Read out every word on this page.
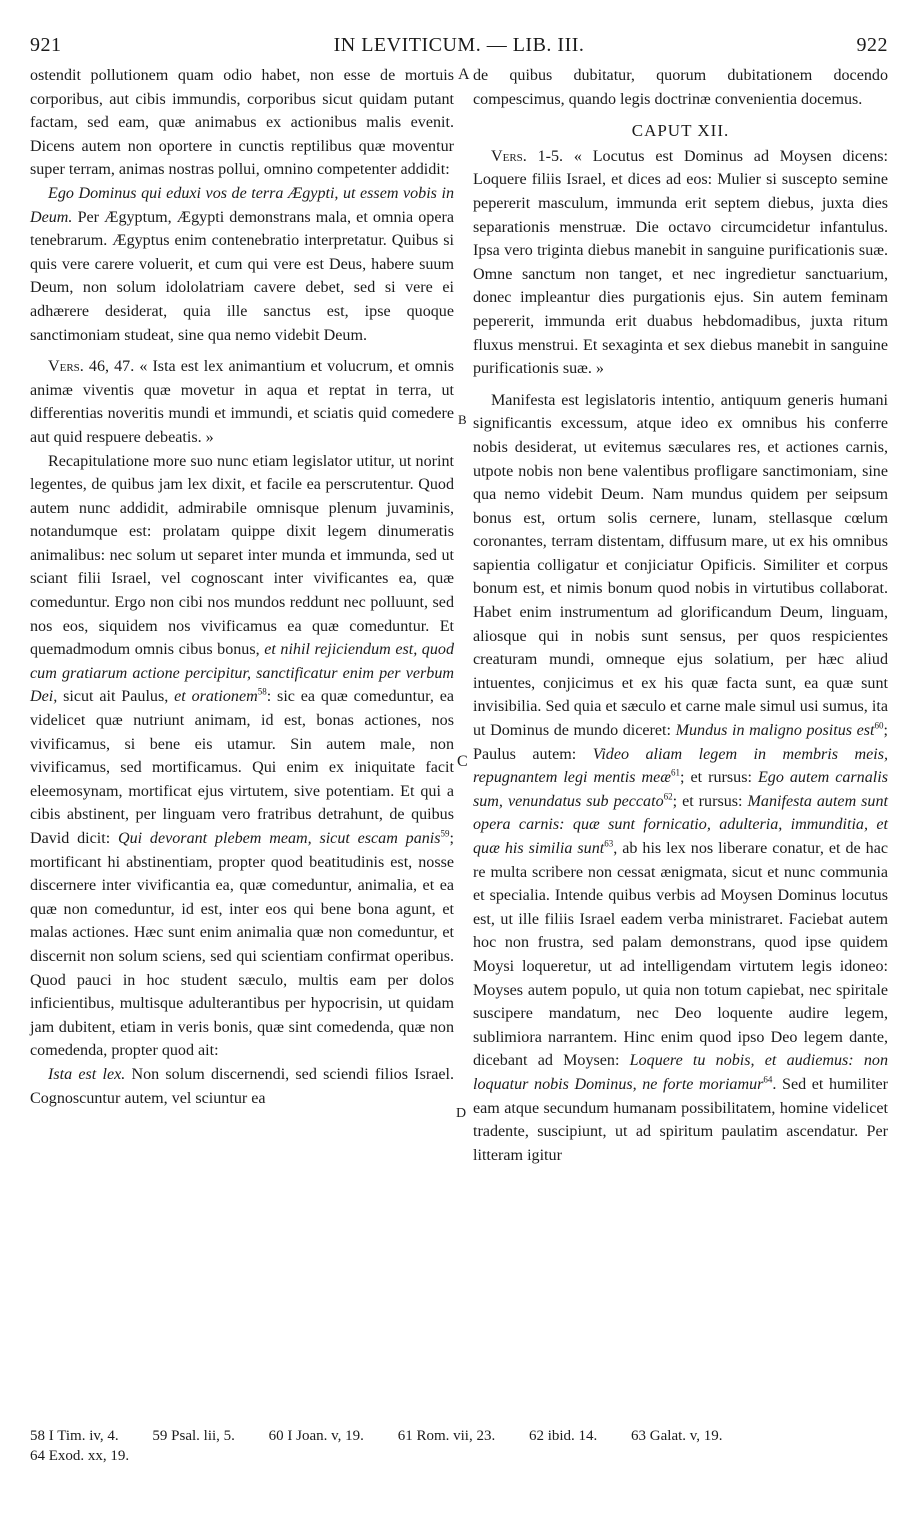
921	IN LEVITICUM. — LIB. III.	922
A
B
C
D

ostendit pollutionem quam odio habet, non esse de mortuis corporibus, aut cibis immundis, corporibus sicut quidam putant factam, sed eam, quæ animabus ex actionibus malis evenit. Dicens autem non oportere in cunctis reptilibus quæ moventur super terram, animas nostras pollui, omnino competenter addidit:

Ego Dominus qui eduxi vos de terra Ægypti, ut essem vobis in Deum. Per Ægyptum, Ægypti demonstrans mala, et omnia opera tenebrarum. Ægyptus enim contenebratio interpretatur. Quibus si quis vere carere voluerit, et cum qui vere est Deus, habere suum Deum, non solum idololatriam cavere debet, sed si vere ei adhærere desiderat, quia ille sanctus est, ipse quoque sanctimoniam studeat, sine qua nemo videbit Deum.

Vers. 46, 47. « Ista est lex animantium et volucrum, et omnis animæ viventis quæ movetur in aqua et reptat in terra, ut differentias noveritis mundi et immundi, et sciatis quid comedere aut quid respuere debeatis. »

Recapitulatione more suo nunc etiam legislator utitur, ut norint legentes, de quibus jam lex dixit, et facile ea perscrutentur. Quod autem nunc addidit, admirabile omnisque plenum juvaminis, notandumque est: prolatam quippe dixit legem dinumeratis animalibus: nec solum ut separet inter munda et immunda, sed ut sciant filii Israel, vel cognoscant inter vivificantes ea, quæ comeduntur. Ergo non cibi nos mundos reddunt nec polluunt, sed nos eos, siquidem nos vivificamus ea quæ comeduntur. Et quemadmodum omnis cibus bonus, et nihil rejiciendum est, quod cum gratiarum actione percipitur, sanctificatur enim per verbum Dei, sicut ait Paulus, et orationem$^{58}$: sic ea quæ comeduntur, ea videlicet quæ nutriunt animam, id est, bonas actiones, nos vivificamus, si bene eis utamur. Sin autem male, non vivificamus, sed mortificamus. Qui enim ex iniquitate facit eleemosynam, mortificat ejus virtutem, sive potentiam. Et qui a cibis abstinent, per linguam vero fratribus detrahunt, de quibus David dicit: Qui devorant plebem meam, sicut escam panis$^{59}$; mortificant hi abstinentiam, propter quod beatitudinis est, nosse discernere inter vivificantia ea, quæ comeduntur, animalia, et ea quæ non comeduntur, id est, inter eos qui bene bona agunt, et malas actiones. Hæc sunt enim animalia quæ non comeduntur, et discernit non solum sciens, sed qui scientiam confirmat operibus. Quod pauci in hoc student sæculo, multis eam per dolos inficientibus, multisque adulterantibus per hypocrisin, ut quidam jam dubitent, etiam in veris bonis, quæ sint comedenda, quæ non comedenda, propter quod ait:

Ista est lex. Non solum discernendi, sed sciendi filios Israel. Cognoscuntur autem, vel sciuntur ea

de quibus dubitatur, quorum dubitationem docendo compescimus, quando legis doctrinæ convenientia docemus.

CAPUT XII.

Vers. 1-5. « Locutus est Dominus ad Moysen dicens: Loquere filiis Israel, et dices ad eos: Mulier si suscepto semine pepererit masculum, immunda erit septem diebus, juxta dies separationis menstruæ. Die octavo circumcidetur infantulus. Ipsa vero triginta diebus manebit in sanguine purificationis suæ. Omne sanctum non tanget, et nec ingredietur sanctuarium, donec impleantur dies purgationis ejus. Sin autem feminam pepererit, immunda erit duabus hebdomadibus, juxta ritum fluxus menstrui. Et sexaginta et sex diebus manebit in sanguine purificationis suæ. »

Manifesta est legislatoris intentio, antiquum generis humani significantis excessum, atque ideo ex omnibus his conferre nobis desiderat, ut evitemus sæculares res, et actiones carnis, utpote nobis non bene valentibus profligare sanctimoniam, sine qua nemo videbit Deum. Nam mundus quidem per seipsum bonus est, ortum solis cernere, lunam, stellasque cœlum coronantes, terram distentam, diffusum mare, ut ex his omnibus sapientia colligatur et conjiciatur Opificis. Similiter et corpus bonum est, et nimis bonum quod nobis in virtutibus collaborat. Habet enim instrumentum ad glorificandum Deum, linguam, aliosque qui in nobis sunt sensus, per quos respicientes creaturam mundi, omneque ejus solatium, per hæc aliud intuentes, conjicimus et ex his quæ facta sunt, ea quæ sunt invisibilia. Sed quia et sæculo et carne male simul usi sumus, ita ut Dominus de mundo diceret: Mundus in maligno positus est$^{60}$; Paulus autem: Video aliam legem in membris meis, repugnantem legi mentis meæ$^{61}$; et rursus: Ego autem carnalis sum, venundatus sub peccato$^{62}$; et rursus: Manifesta autem sunt opera carnis: quæ sunt fornicatio, adulteria, immunditia, et quæ his similia sunt$^{63}$, ab his lex nos liberare conatur, et de hac re multa scribere non cessat ænigmata, sicut et nunc communia et specialia. Intende quibus verbis ad Moysen Dominus locutus est, ut ille filiis Israel eadem verba ministraret. Faciebat autem hoc non frustra, sed palam demonstrans, quod ipse quidem Moysi loqueretur, ut ad intelligendam virtutem legis idoneo: Moyses autem populo, ut quia non totum capiebat, nec spiritale suscipere mandatum, nec Deo loquente audire legem, sublimiora narrantem. Hinc enim quod ipso Deo legem dante, dicebant ad Moysen: Loquere tu nobis, et audiemus: non loquatur nobis Dominus, ne forte moriamur$^{64}$. Sed et humiliter eam atque secundum humanam possibilitatem, homine videlicet tradente, suscipiunt, ut ad spiritum paulatim ascendatur. Per litteram igitur

58 I Tim. iv, 4. 59 Psal. lii, 5. 60 I Joan. v, 19. 61 Rom. vii, 23. 62 ibid. 14. 63 Galat. v, 19.
64 Exod. xx, 19.
